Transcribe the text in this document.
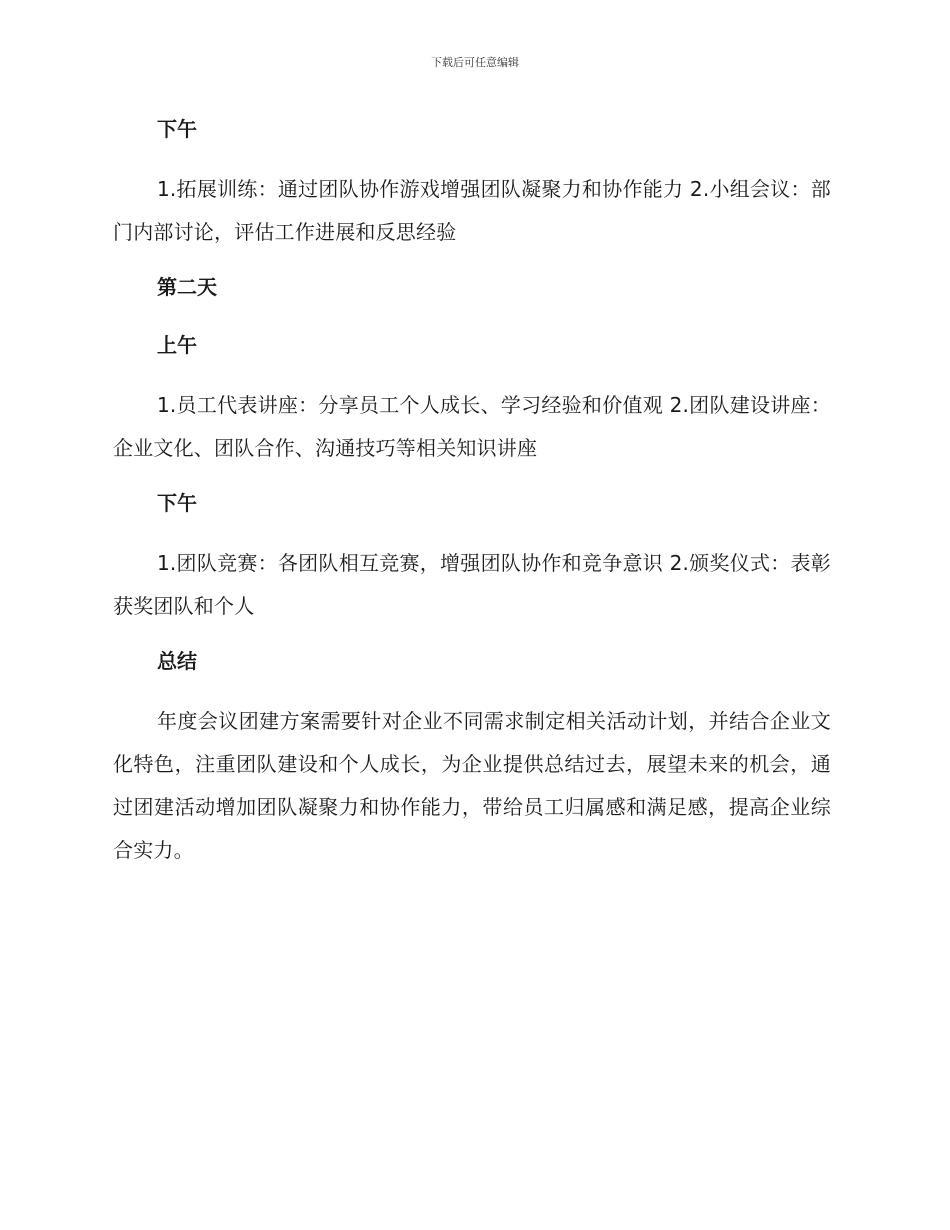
下载后可任意编辑
下午
1.拓展训练：通过团队协作游戏增强团队凝聚力和协作能力 2.小组会议：部门内部讨论，评估工作进展和反思经验
第二天
上午
1.员工代表讲座：分享员工个人成长、学习经验和价值观 2.团队建设讲座：企业文化、团队合作、沟通技巧等相关知识讲座
下午
1.团队竞赛：各团队相互竞赛，增强团队协作和竞争意识 2.颁奖仪式：表彰获奖团队和个人
总结
年度会议团建方案需要针对企业不同需求制定相关活动计划，并结合企业文化特色，注重团队建设和个人成长，为企业提供总结过去，展望未来的机会，通过团建活动增加团队凝聚力和协作能力，带给员工归属感和满足感，提高企业综合实力。
